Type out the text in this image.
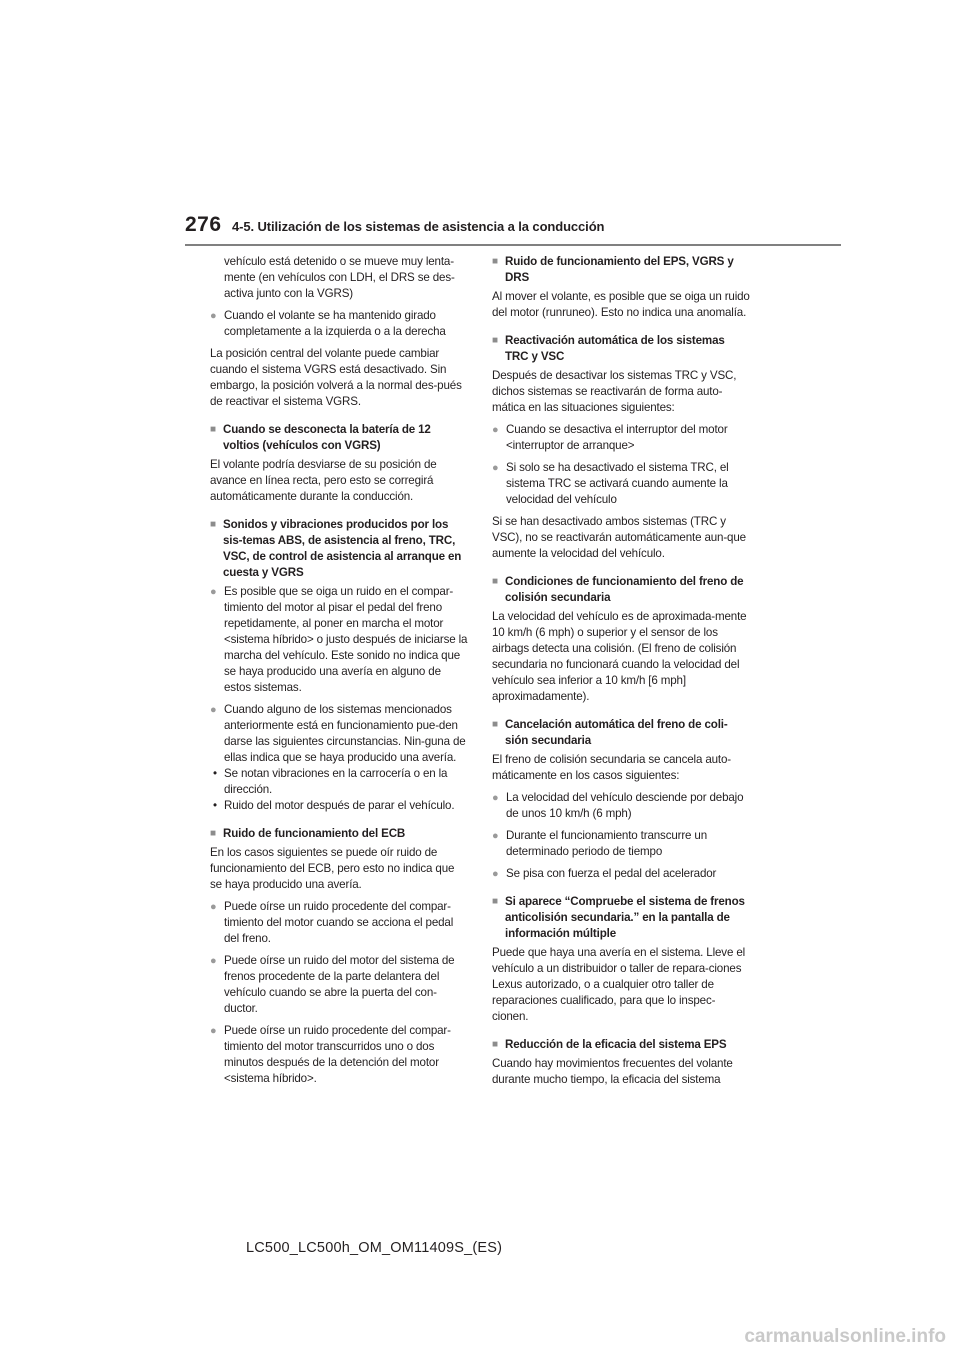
276 4-5. Utilización de los sistemas de asistencia a la conducción

vehículo está detenido o se mueve muy lenta-mente (en vehículos con LDH, el DRS se des-activa junto con la VGRS)

● Cuando el volante se ha mantenido girado completamente a la izquierda o a la derecha

La posición central del volante puede cambiar cuando el sistema VGRS está desactivado. Sin embargo, la posición volverá a la normal des-pués de reactivar el sistema VGRS.

■ Cuando se desconecta la batería de 12 voltios (vehículos con VGRS)

El volante podría desviarse de su posición de avance en línea recta, pero esto se corregirá automáticamente durante la conducción.

■ Sonidos y vibraciones producidos por los sis-temas ABS, de asistencia al freno, TRC, VSC, de control de asistencia al arranque en cuesta y VGRS
● Es posible que se oiga un ruido en el compar-timiento del motor al pisar el pedal del freno repetidamente, al poner en marcha el motor <sistema híbrido> o justo después de iniciarse la marcha del vehículo. Este sonido no indica que se haya producido una avería en alguno de estos sistemas.
● Cuando alguno de los sistemas mencionados anteriormente está en funcionamiento pue-den darse las siguientes circunstancias. Nin-guna de ellas indica que se haya producido una avería.
• Se notan vibraciones en la carrocería o en la dirección.
• Ruido del motor después de parar el vehículo.
■ Ruido de funcionamiento del ECB

En los casos siguientes se puede oír ruido de funcionamiento del ECB, pero esto no indica que se haya producido una avería.

● Puede oírse un ruido procedente del compar-timiento del motor cuando se acciona el pedal del freno.
● Puede oírse un ruido del motor del sistema de frenos procedente de la parte delantera del vehículo cuando se abre la puerta del con-ductor.
● Puede oírse un ruido procedente del compar-timiento del motor transcurridos uno o dos minutos después de la detención del motor <sistema híbrido>.
■ Ruido de funcionamiento del EPS, VGRS y DRS

Al mover el volante, es posible que se oiga un ruido del motor (runruneo). Esto no indica una anomalía.

■ Reactivación automática de los sistemas TRC y VSC

Después de desactivar los sistemas TRC y VSC, dichos sistemas se reactivarán de forma auto-mática en las situaciones siguientes:

● Cuando se desactiva el interruptor del motor <interruptor de arranque>
● Si solo se ha desactivado el sistema TRC, el sistema TRC se activará cuando aumente la velocidad del vehículo

Si se han desactivado ambos sistemas (TRC y VSC), no se reactivarán automáticamente aun-que aumente la velocidad del vehículo.

■ Condiciones de funcionamiento del freno de colisión secundaria

La velocidad del vehículo es de aproximada-mente 10 km/h (6 mph) o superior y el sensor de los airbags detecta una colisión. (El freno de colisión secundaria no funcionará cuando la velocidad del vehículo sea inferior a 10 km/h [6 mph] aproximadamente).

■ Cancelación automática del freno de coli-sión secundaria

El freno de colisión secundaria se cancela auto-máticamente en los casos siguientes:

● La velocidad del vehículo desciende por debajo de unos 10 km/h (6 mph)
● Durante el funcionamiento transcurre un determinado periodo de tiempo
● Se pisa con fuerza el pedal del acelerador
■ Si aparece “Compruebe el sistema de frenos anticolisión secundaria.” en la pantalla de información múltiple

Puede que haya una avería en el sistema. Lleve el vehículo a un distribuidor o taller de repara-ciones Lexus autorizado, o a cualquier otro taller de reparaciones cualificado, para que lo inspec-cionen.

■ Reducción de la eficacia del sistema EPS

Cuando hay movimientos frecuentes del volante durante mucho tiempo, la eficacia del sistema

LC500_LC500h_OM_OM11409S_(ES)
carmanualsonline.info
